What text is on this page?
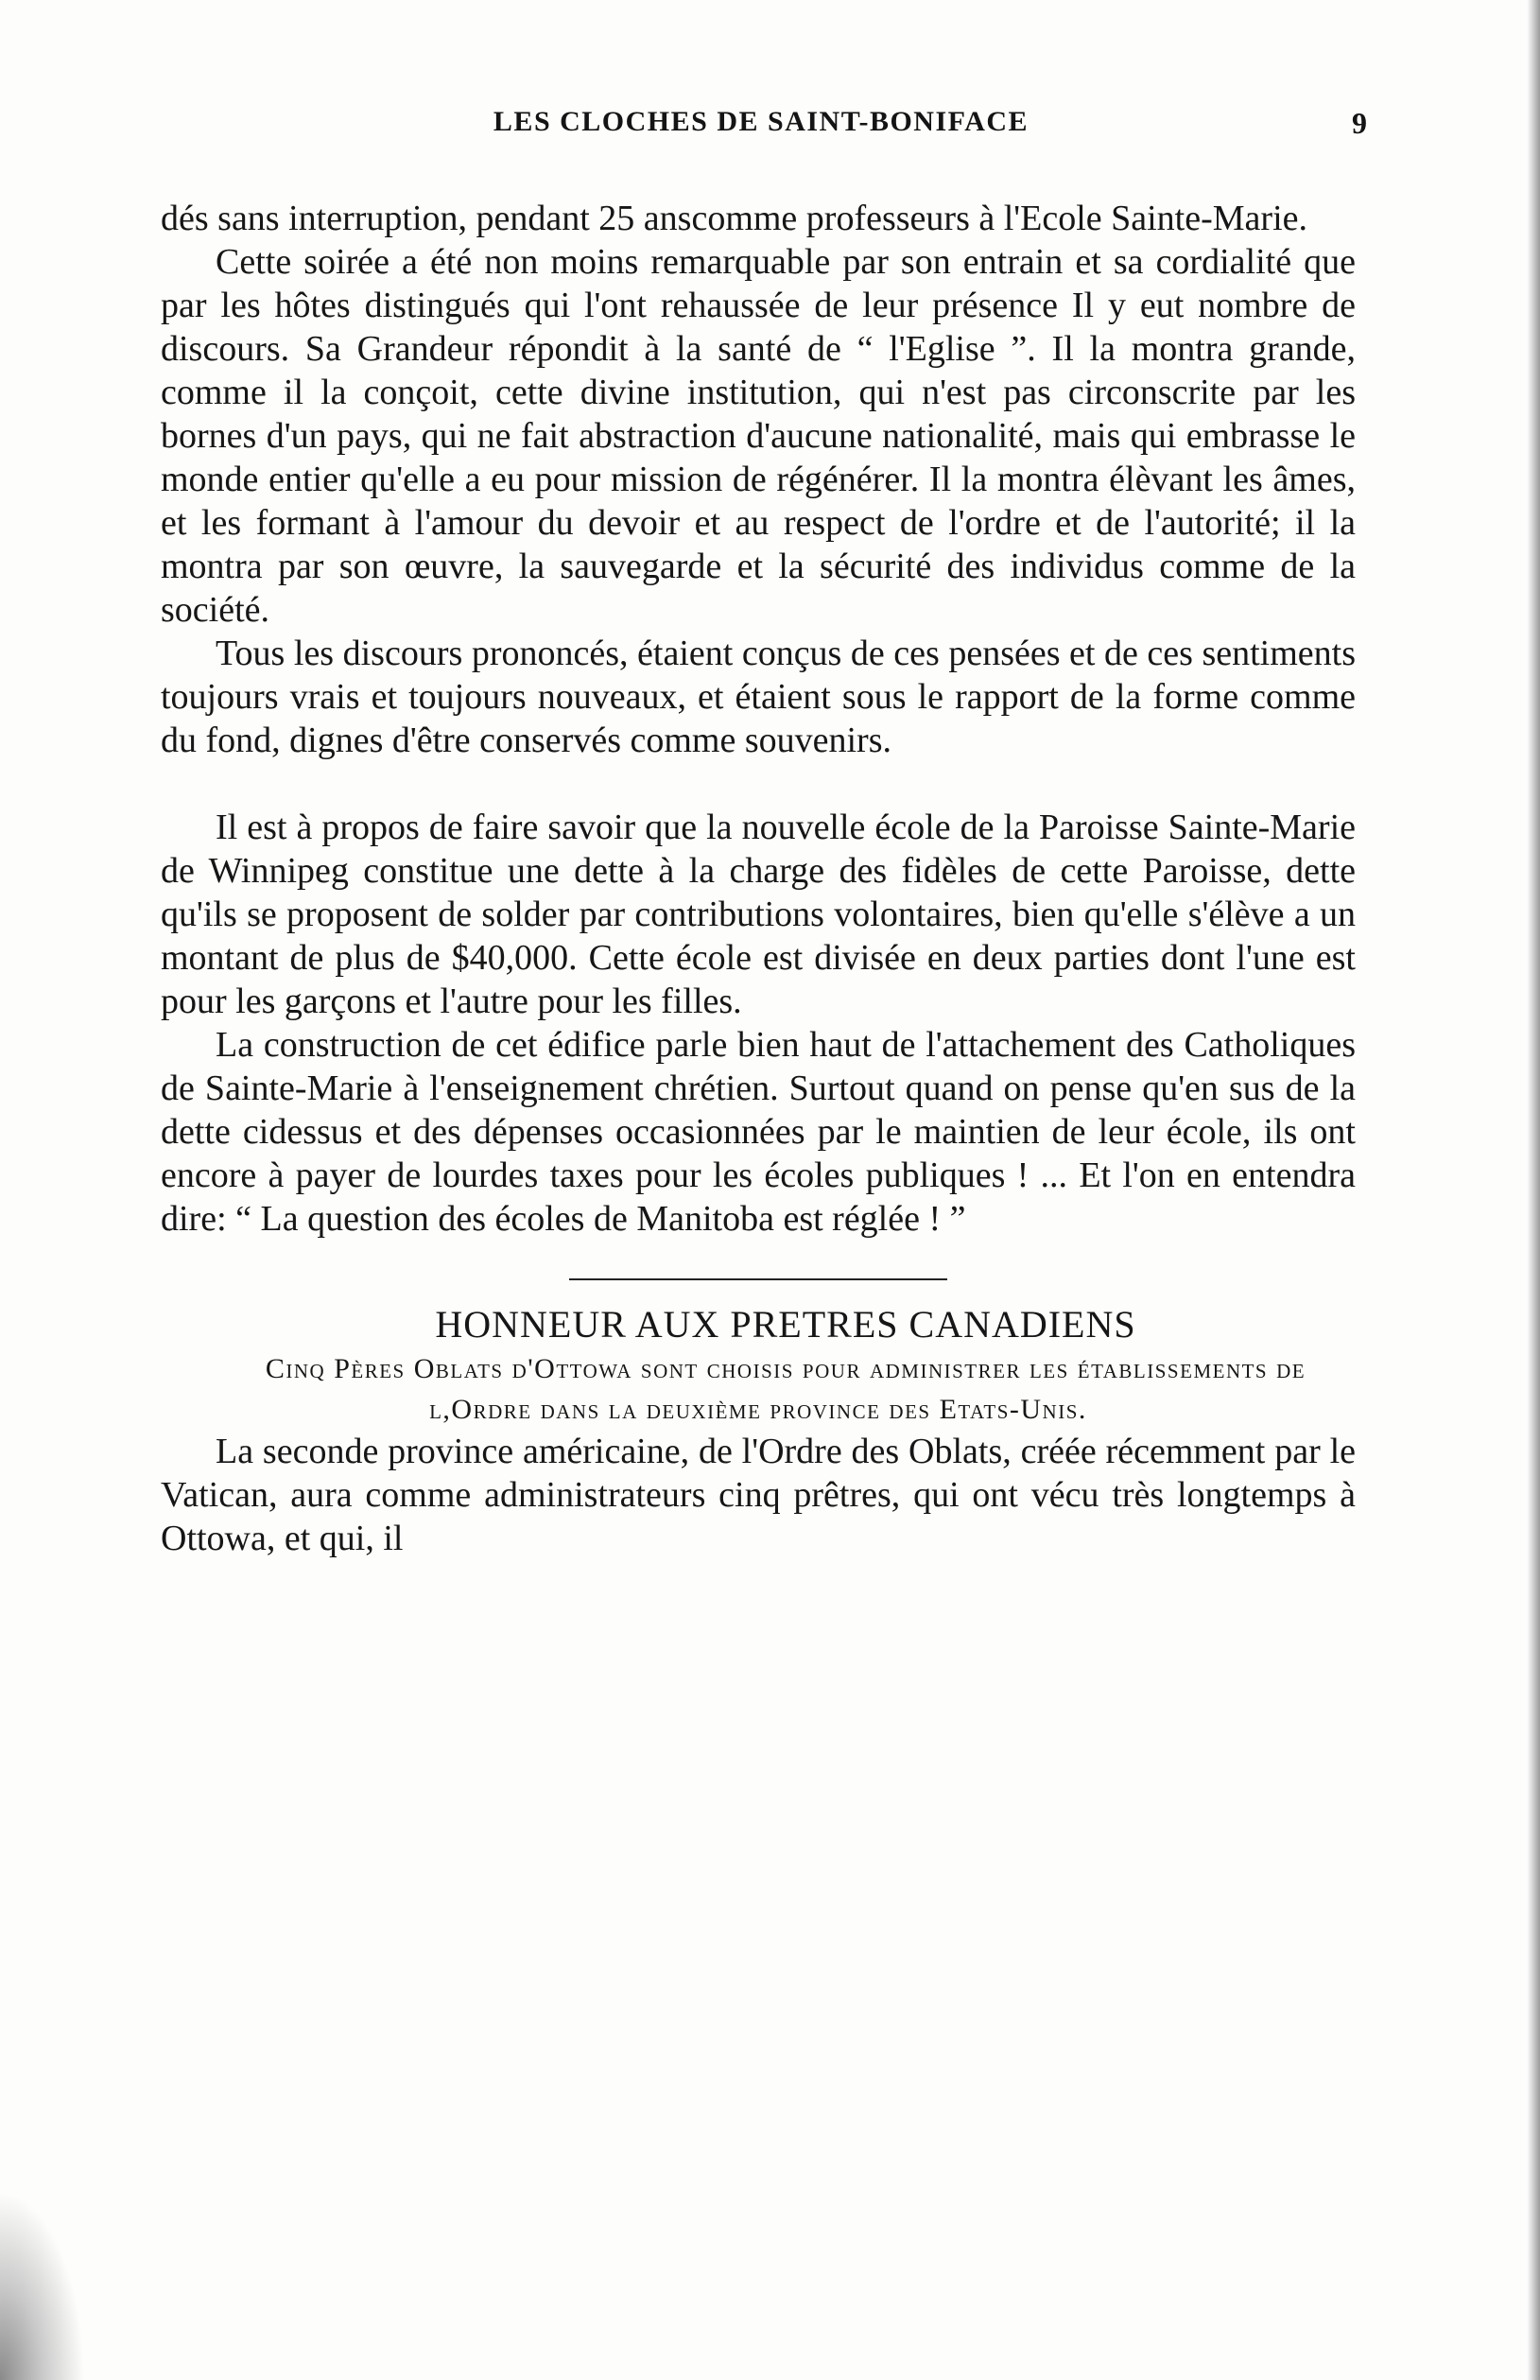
LES CLOCHES DE SAINT-BONIFACE	9

dés sans interruption, pendant 25 anscomme professeurs à l'Ecole Sainte-Marie.

Cette soirée a été non moins remarquable par son entrain et sa cordialité que par les hôtes distingués qui l'ont rehaussée de leur présence Il y eut nombre de discours. Sa Grandeur répondit à la santé de “ l'Eglise ”. Il la montra grande, comme il la conçoit, cette divine institution, qui n'est pas circonscrite par les bornes d'un pays, qui ne fait abstraction d'aucune nationalité, mais qui embrasse le monde entier qu'elle a eu pour mission de régénérer. Il la montra élèvant les âmes, et les formant à l'amour du devoir et au respect de l'ordre et de l'autorité; il la montra par son œuvre, la sauvegarde et la sécurité des individus comme de la société.

Tous les discours prononcés, étaient conçus de ces pensées et de ces sentiments toujours vrais et toujours nouveaux, et étaient sous le rapport de la forme comme du fond, dignes d'être conservés comme souvenirs.

Il est à propos de faire savoir que la nouvelle école de la Paroisse Sainte-Marie de Winnipeg constitue une dette à la charge des fidèles de cette Paroisse, dette qu'ils se proposent de solder par contributions volontaires, bien qu'elle s'élève a un montant de plus de $40,000. Cette école est divisée en deux parties dont l'une est pour les garçons et l'autre pour les filles.

La construction de cet édifice parle bien haut de l'attachement des Catholiques de Sainte-Marie à l'enseignement chrétien. Surtout quand on pense qu'en sus de la dette cidessus et des dépenses occasionnées par le maintien de leur école, ils ont encore à payer de lourdes taxes pour les écoles publiques ! ... Et l'on en entendra dire: “ La question des écoles de Manitoba est réglée ! ”

HONNEUR AUX PRETRES CANADIENS

Cinq Pères Oblats d'Ottowa sont choisis pour administrer les établissements de l,Ordre dans la deuxième province des Etats-Unis.

La seconde province américaine, de l'Ordre des Oblats, créée récemment par le Vatican, aura comme administrateurs cinq prêtres, qui ont vécu très longtemps à Ottowa, et qui, il
